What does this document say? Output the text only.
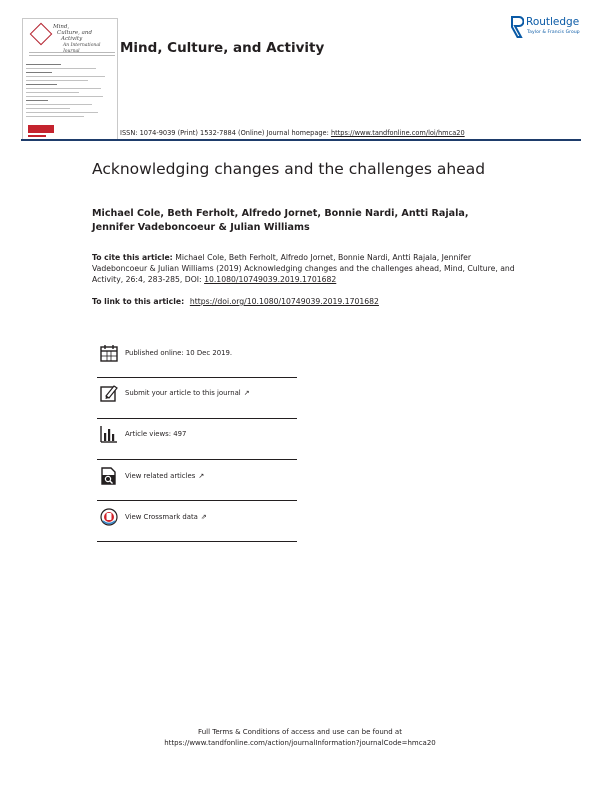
Mind,
Culture, and
Activity
An International	Mind, Culture, and Activity
Routledge
Taylor & Francis Group
ISSN: 1074-9039 (Print) 1532-7884 (Online) Journal homepage: https://www.tandfonline.com/loi/hmca20
Acknowledging changes and the challenges ahead
Michael Cole, Beth Ferholt, Alfredo Jornet, Bonnie Nardi, Antti Rajala,
Jennifer Vadeboncoeur & Julian Williams
To cite this article: Michael Cole, Beth Ferholt, Alfredo Jornet, Bonnie Nardi, Antti Rajala, Jennifer Vadeboncoeur & Julian Williams (2019) Acknowledging changes and the challenges ahead, Mind, Culture, and Activity, 26:4, 283-285, DOI: 10.1080/10749039.2019.1701682
To link to this article: https://doi.org/10.1080/10749039.2019.1701682
Published online: 10 Dec 2019.
Submit your article to this journal ↗
Article views: 497
View related articles ↗
View Crossmark data ⇗
Full Terms & Conditions of access and use can be found at
https://www.tandfonline.com/action/journalInformation?journalCode=hmca20
